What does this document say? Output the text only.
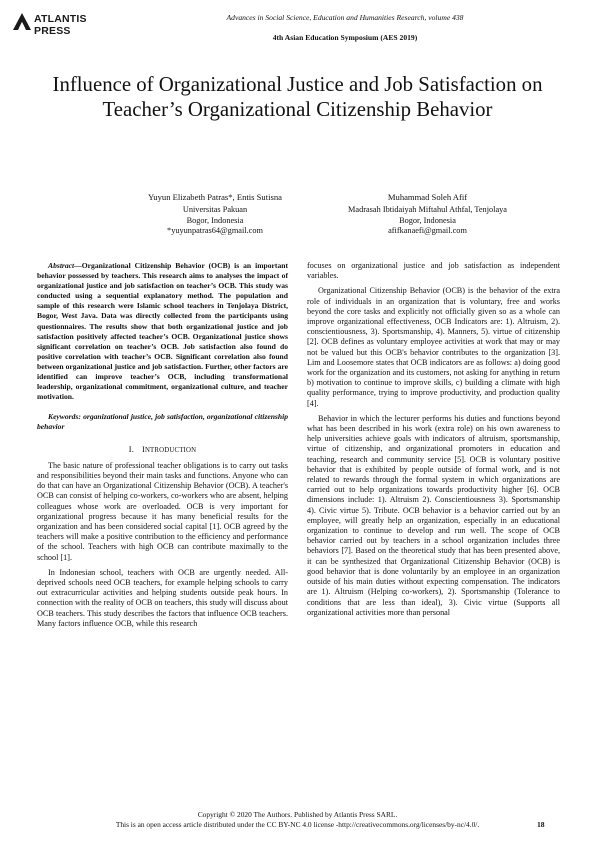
ATLANTIS
PRESS
Advances in Social Science, Education and Humanities Research, volume 438
4th Asian Education Symposium (AES 2019)
Influence of Organizational Justice and Job Satisfaction on Teacher’s Organizational Citizenship Behavior
Yuyun Elizabeth Patras*, Entis Sutisna
Universitas Pakuan
Bogor, Indonesia
*yuyunpatras64@gmail.com
Muhammad Soleh Afif
Madrasah Ibtidaiyah Miftahul Athfal, Tenjolaya
Bogor, Indonesia
afifkanaefi@gmail.com
Abstract—Organizational Citizenship Behavior (OCB) is an important behavior possessed by teachers. This research aims to analyses the impact of organizational justice and job satisfaction on teacher’s OCB. This study was conducted using a sequential explanatory method. The population and sample of this research were Islamic school teachers in Tenjolaya District, Bogor, West Java. Data was directly collected from the participants using questionnaires. The results show that both organizational justice and job satisfaction positively affected teacher’s OCB. Organizational justice shows significant correlation on teacher’s OCB. Job satisfaction also found do positive correlation with teacher’s OCB. Significant correlation also found between organizational justice and job satisfaction. Further, other factors are identified can improve teacher’s OCB, including transformational leadership, organizational commitment, organizational culture, and teacher motivation.
Keywords: organizational justice, job satisfaction, organizational citizenship behavior
I. INTRODUCTION

The basic nature of professional teacher obligations is to carry out tasks and responsibilities beyond their main tasks and functions. Anyone who can do that can have an Organizational Citizenship Behavior (OCB). A teacher's OCB can consist of helping co-workers, co-workers who are absent, helping colleagues whose work are overloaded. OCB is very important for organizational progress because it has many beneficial results for the organization and has been considered social capital [1]. OCB agreed by the teachers will make a positive contribution to the efficiency and performance of the school. Teachers with high OCB can contribute maximally to the school [1].

In Indonesian school, teachers with OCB are urgently needed. All-deprived schools need OCB teachers, for example helping schools to carry out extracurricular activities and helping students outside peak hours. In connection with the reality of OCB on teachers, this study will discuss about OCB teachers. This study describes the factors that influence OCB teachers. Many factors influence OCB, while this research

focuses on organizational justice and job satisfaction as independent variables.

Organizational Citizenship Behavior (OCB) is the behavior of the extra role of individuals in an organization that is voluntary, free and works beyond the core tasks and explicitly not officially given so as a whole can improve organizational effectiveness, OCB Indicators are: 1). Altruism, 2). conscientiousness, 3). Sportsmanship, 4). Manners, 5). virtue of citizenship [2]. OCB defines as voluntary employee activities at work that may or may not be valued but this OCB's behavior contributes to the organization [3]. Lim and Loosemore states that OCB indicators are as follows: a) doing good work for the organization and its customers, not asking for anything in return b) motivation to continue to improve skills, c) building a climate with high quality performance, trying to improve productivity, and production quality [4].

Behavior in which the lecturer performs his duties and functions beyond what has been described in his work (extra role) on his own awareness to help universities achieve goals with indicators of altruism, sportsmanship, virtue of citizenship, and organizational promoters in education and teaching, research and community service [5]. OCB is voluntary positive behavior that is exhibited by people outside of formal work, and is not related to rewards through the formal system in which organizations are carried out to help organizations towards productivity higher [6]. OCB dimensions include: 1). Altruism 2). Conscientiousness 3). Sportsmanship 4). Civic virtue 5). Tribute. OCB behavior is a behavior carried out by an employee, will greatly help an organization, especially in an educational organization to continue to develop and run well. The scope of OCB behavior carried out by teachers in a school organization includes three behaviors [7]. Based on the theoretical study that has been presented above, it can be synthesized that Organizational Citizenship Behavior (OCB) is good behavior that is done voluntarily by an employee in an organization outside of his main duties without expecting compensation. The indicators are 1). Altruism (Helping co-workers), 2). Sportsmanship (Tolerance to conditions that are less than ideal), 3). Civic virtue (Supports all organizational activities more than personal

Copyright © 2020 The Authors. Published by Atlantis Press SARL.
This is an open access article distributed under the CC BY-NC 4.0 license -http://creativecommons.org/licenses/by-nc/4.0/.	18
